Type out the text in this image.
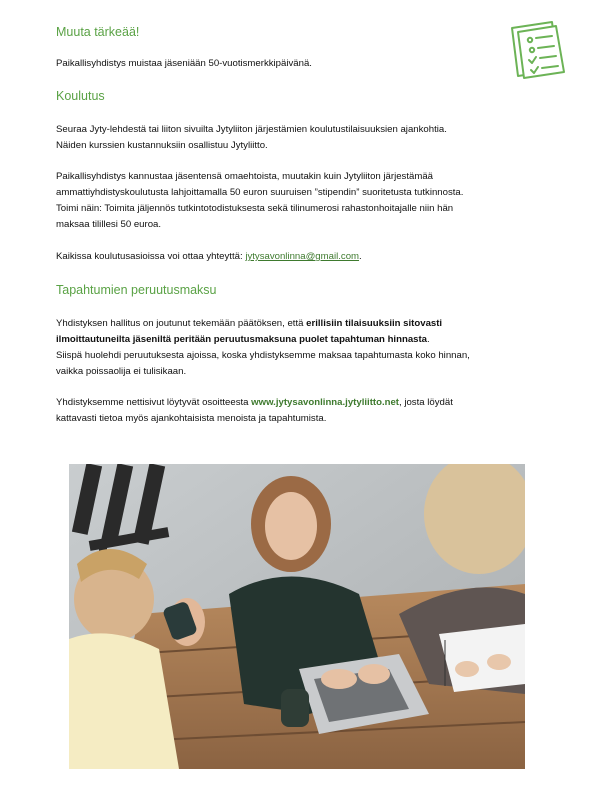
Muuta tärkeää!

Paikallisyhdistys muistaa jäseniään 50-vuotismerkkipäivänä.

Koulutus

Seuraa Jyty-lehdestä tai liiton sivuilta Jytyliiton järjestämien koulutustilaisuuksien ajankohtia.
Näiden kurssien kustannuksiin osallistuu Jytyliitto.

Paikallisyhdistys kannustaa jäsentensä omaehtoista, muutakin kuin Jytyliiton järjestämää
ammattiyhdistyskoulutusta lahjoittamalla 50 euron suuruisen ”stipendin” suoritetusta tutkinnosta.
Toimi näin: Toimita jäljennös tutkintotodistuksesta sekä tilinumerosi rahastonhoitajalle niin hän
maksaa tilillesi 50 euroa.

Kaikissa koulutusasioissa voi ottaa yhteyttä: jytysavonlinna@gmail.com.

Tapahtumien peruutusmaksu

Yhdistyksen hallitus on joutunut tekemään päätöksen, että erillisiin tilaisuuksiin sitovasti
ilmoittautuneilta jäseniltä peritään peruutusmaksuna puolet tapahtuman hinnasta.
Siispä huolehdi peruutuksesta ajoissa, koska yhdistyksemme maksaa tapahtumasta koko hinnan,
vaikka poissaolija ei tulisikaan.

Yhdistyksemme nettisivut löytyvät osoitteesta www.jytysavonlinna.jytyliitto.net, josta löydät
kattavasti tietoa myös ajankohtaisista menoista ja tapahtumista.
